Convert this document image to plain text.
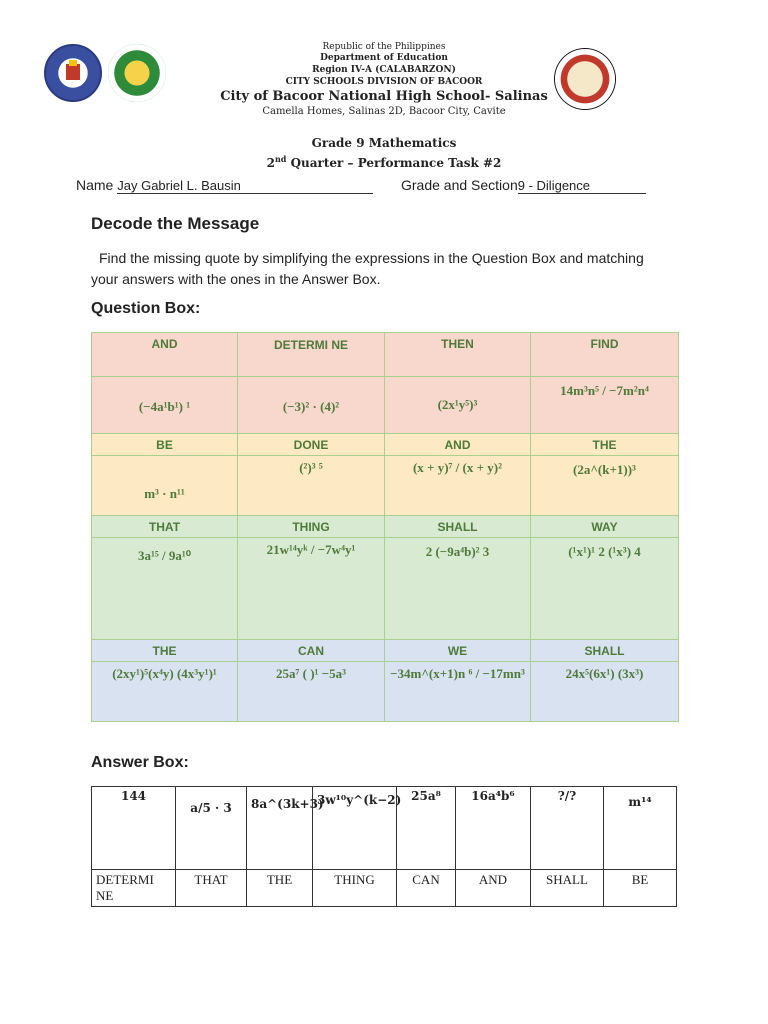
Republic of the Philippines
Department of Education
Region IV-A (CALABARZON)
CITY SCHOOLS DIVISION OF BACOOR
City of Bacoor National High School- Salinas
Camella Homes, Salinas 2D, Bacoor City, Cavite
Grade 9 Mathematics
2nd Quarter – Performance Task #2
Name Jay Gabriel L. Bausin	Grade and Section9 - Diligence
Decode the Message
Find the missing quote by simplifying the expressions in the Question Box and matching your answers with the ones in the Answer Box.
Question Box:
AND	DETERMI NE	THEN	FIND
(−4a¹b¹) ¹	(−3)² · (4)²	(2x¹y⁵)³	14m³n⁵ / −7m²n⁴
BE	DONE	AND	THE
m³ · n¹¹	(²)³ ⁵	(x + y)⁷ / (x + y)²	(2a^(k+1))³
THAT	THING	SHALL	WAY
3a¹⁵ / 9a¹⁰	21w¹⁴yᵏ / −7w⁴y¹	2 (−9a⁴b)² 3	(¹x¹)¹ 2 (¹x³) 4
THE	CAN	WE	SHALL
(2xy¹)⁵(x⁴y) (4x³y¹)¹	25a⁷ ( )¹ −5a³	−34m^(x+1)n ⁶ / −17mn³	24x⁵(6x¹) (3x³)
Answer Box:
144	a/5 · 3	8a^(3k+3)	3w¹⁰y^(k−2)	25a⁸	16a⁴b⁶	?/?	m¹⁴
DETERMI NE	THAT	THE	THING	CAN	AND	SHALL	BE
